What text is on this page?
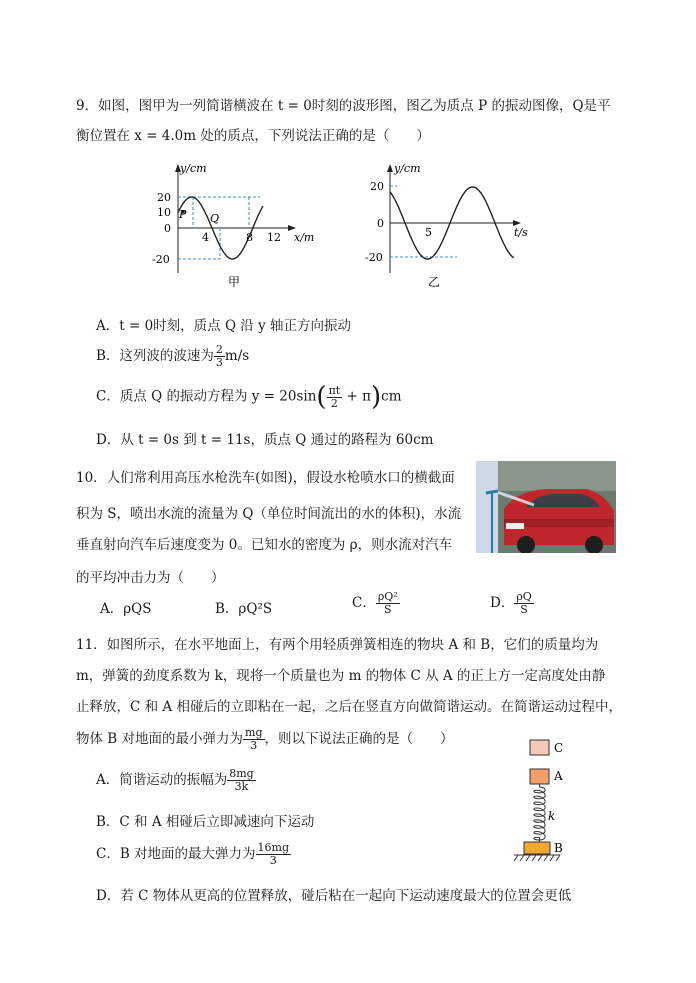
9．如图，图甲为一列简谐横波在 t = 0时刻的波形图，图乙为质点 P 的振动图像，Q是平
衡位置在 x = 4.0m 处的质点，下列说法正确的是（　　）
y/cm
20
10
0
-20
4	8 12 x/m
P Q
甲
y/cm
20
0
-20
5	t/s
乙
A．t = 0时刻，质点 Q 沿 y 轴正方向振动
B．这列波的波速为 $\frac{2}{3} m/s$
C．质点 Q 的振动方程为 $y = 20\sin( \frac{\pi t}{2} + \pi)cm$
D．从 t = 0s 到 t = 11s，质点 Q 通过的路程为 60cm
10．人们常利用高压水枪洗车(如图)，假设水枪喷水口的横截面
积为 S，喷出水流的流量为 Q（单位时间流出的水的体积)，水流
垂直射向汽车后速度变为 0。已知水的密度为 ρ，则水流对汽车
的平均冲击力为（　　）
A．ρQS	B．ρQ²S	C． $\frac{\text{ρQ²}}{S}$	D． $\frac{\rho Q}{S}$
11．如图所示，在水平地面上，有两个用轻质弹簧相连的物块 A 和 B，它们的质量均为
m，弹簧的劲度系数为 k，现将一个质量也为 m 的物体 C 从 A 的正上方一定高度处由静
止释放，C 和 A 相碰后的立即粘在一起，之后在竖直方向做简谐运动。在简谐运动过程中，
物体 B 对地面的最小弹力为 $\frac{mg}{3}$ ，则以下说法正确的是（　　）
A．简谐运动的振幅为 $\frac{8mg}{3k}$
B．C 和 A 相碰后立即减速向下运动
C．B 对地面的最大弹力为 $\frac{16mg}{3}$
D．若 C 物体从更高的位置释放，碰后粘在一起向下运动速度最大的位置会更低
C
A
k
B
